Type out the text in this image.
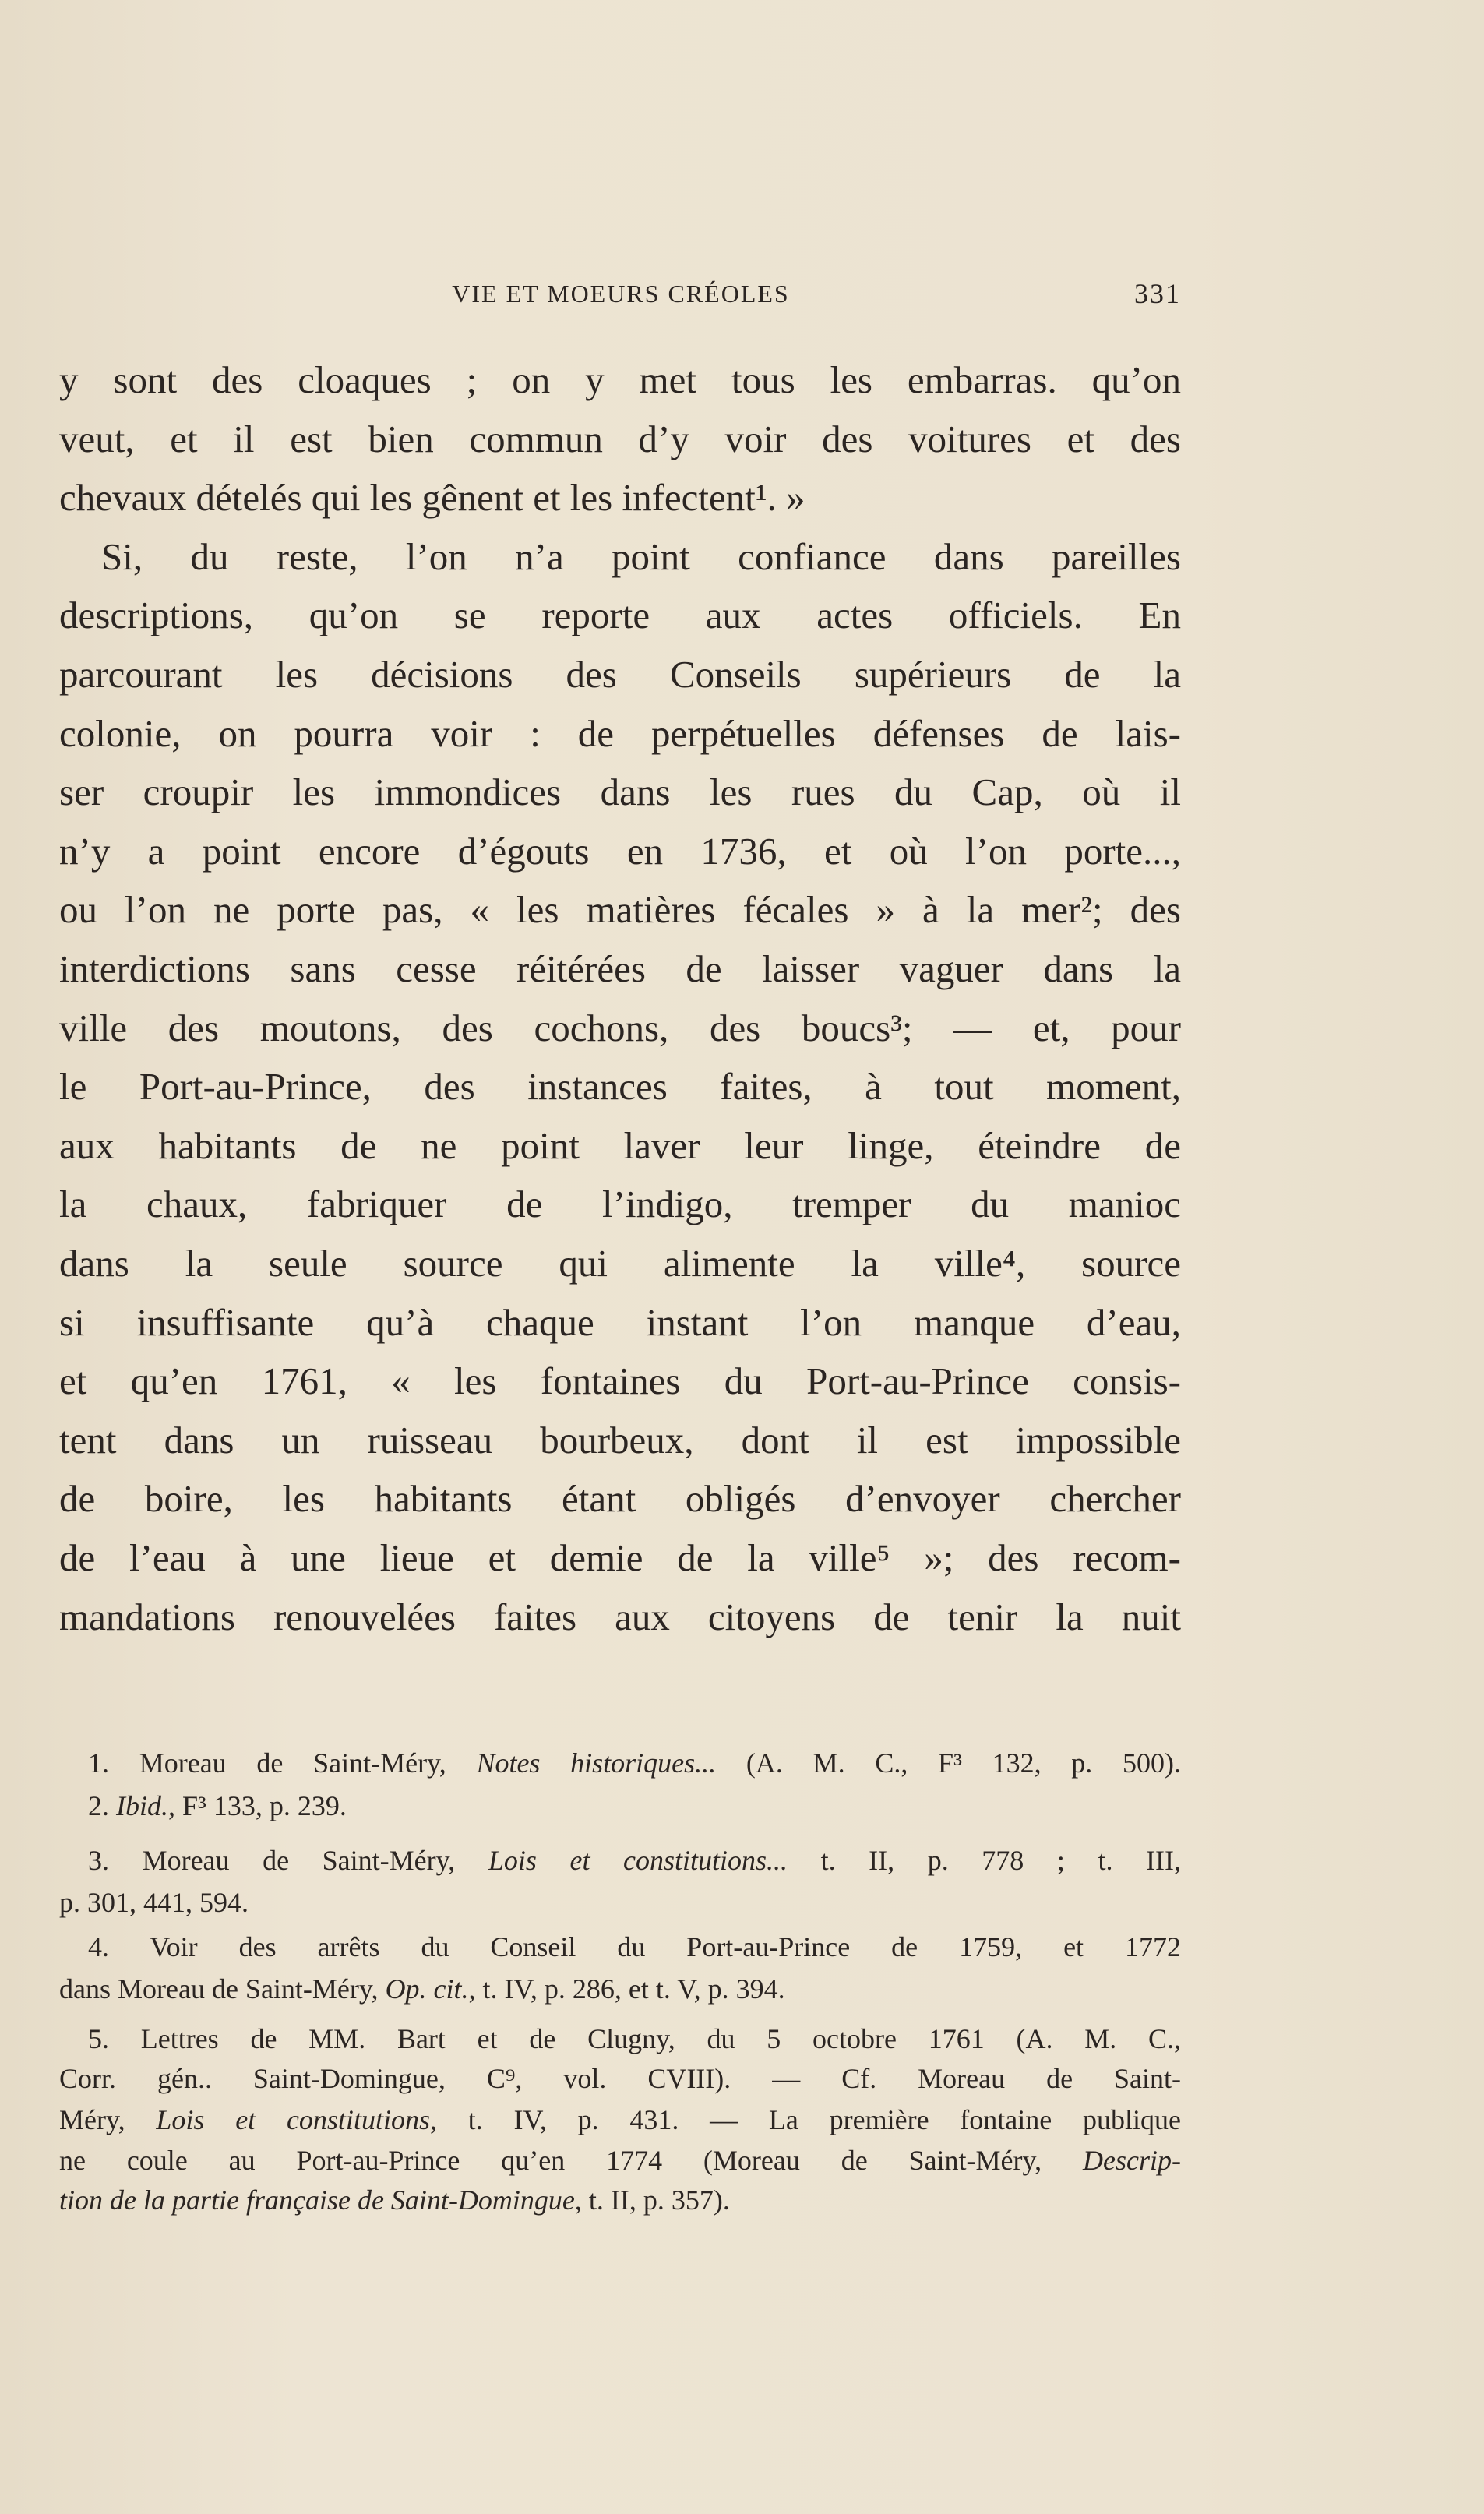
VIE ET MOEURS CRÉOLES	331
y sont des cloaques ; on y met tous les embarras. qu’on
veut, et il est bien commun d’y voir des voitures et des
chevaux dételés qui les gênent et les infectent¹. »
Si, du reste, l’on n’a point confiance dans pareilles
descriptions, qu’on se reporte aux actes officiels. En
parcourant les décisions des Conseils supérieurs de la
colonie, on pourra voir : de perpétuelles défenses de lais-
ser croupir les immondices dans les rues du Cap, où il
n’y a point encore d’égouts en 1736, et où l’on porte...,
ou l’on ne porte pas, « les matières fécales » à la mer²; des
interdictions sans cesse réitérées de laisser vaguer dans la
ville des moutons, des cochons, des boucs³; — et, pour
le Port-au-Prince, des instances faites, à tout moment,
aux habitants de ne point laver leur linge, éteindre de
la chaux, fabriquer de l’indigo, tremper du manioc
dans la seule source qui alimente la ville⁴, source
si insuffisante qu’à chaque instant l’on manque d’eau,
et qu’en 1761, « les fontaines du Port-au-Prince consis-
tent dans un ruisseau bourbeux, dont il est impossible
de boire, les habitants étant obligés d’envoyer chercher
de l’eau à une lieue et demie de la ville⁵ »; des recom-
mandations renouvelées faites aux citoyens de tenir la nuit
1. Moreau de Saint-Méry, Notes historiques... (A. M. C., F³ 132, p. 500).
2. Ibid., F³ 133, p. 239.
3. Moreau de Saint-Méry, Lois et constitutions... t. II, p. 778 ; t. III,
p. 301, 441, 594.
4. Voir des arrêts du Conseil du Port-au-Prince de 1759, et 1772
dans Moreau de Saint-Méry, Op. cit., t. IV, p. 286, et t. V, p. 394.
5. Lettres de MM. Bart et de Clugny, du 5 octobre 1761 (A. M. C.,
Corr. gén.. Saint-Domingue, C⁹, vol. CVIII). — Cf. Moreau de Saint-
Méry, Lois et constitutions, t. IV, p. 431. — La première fontaine publique
ne coule au Port-au-Prince qu’en 1774 (Moreau de Saint-Méry, Descrip-
tion de la partie française de Saint-Domingue, t. II, p. 357).
